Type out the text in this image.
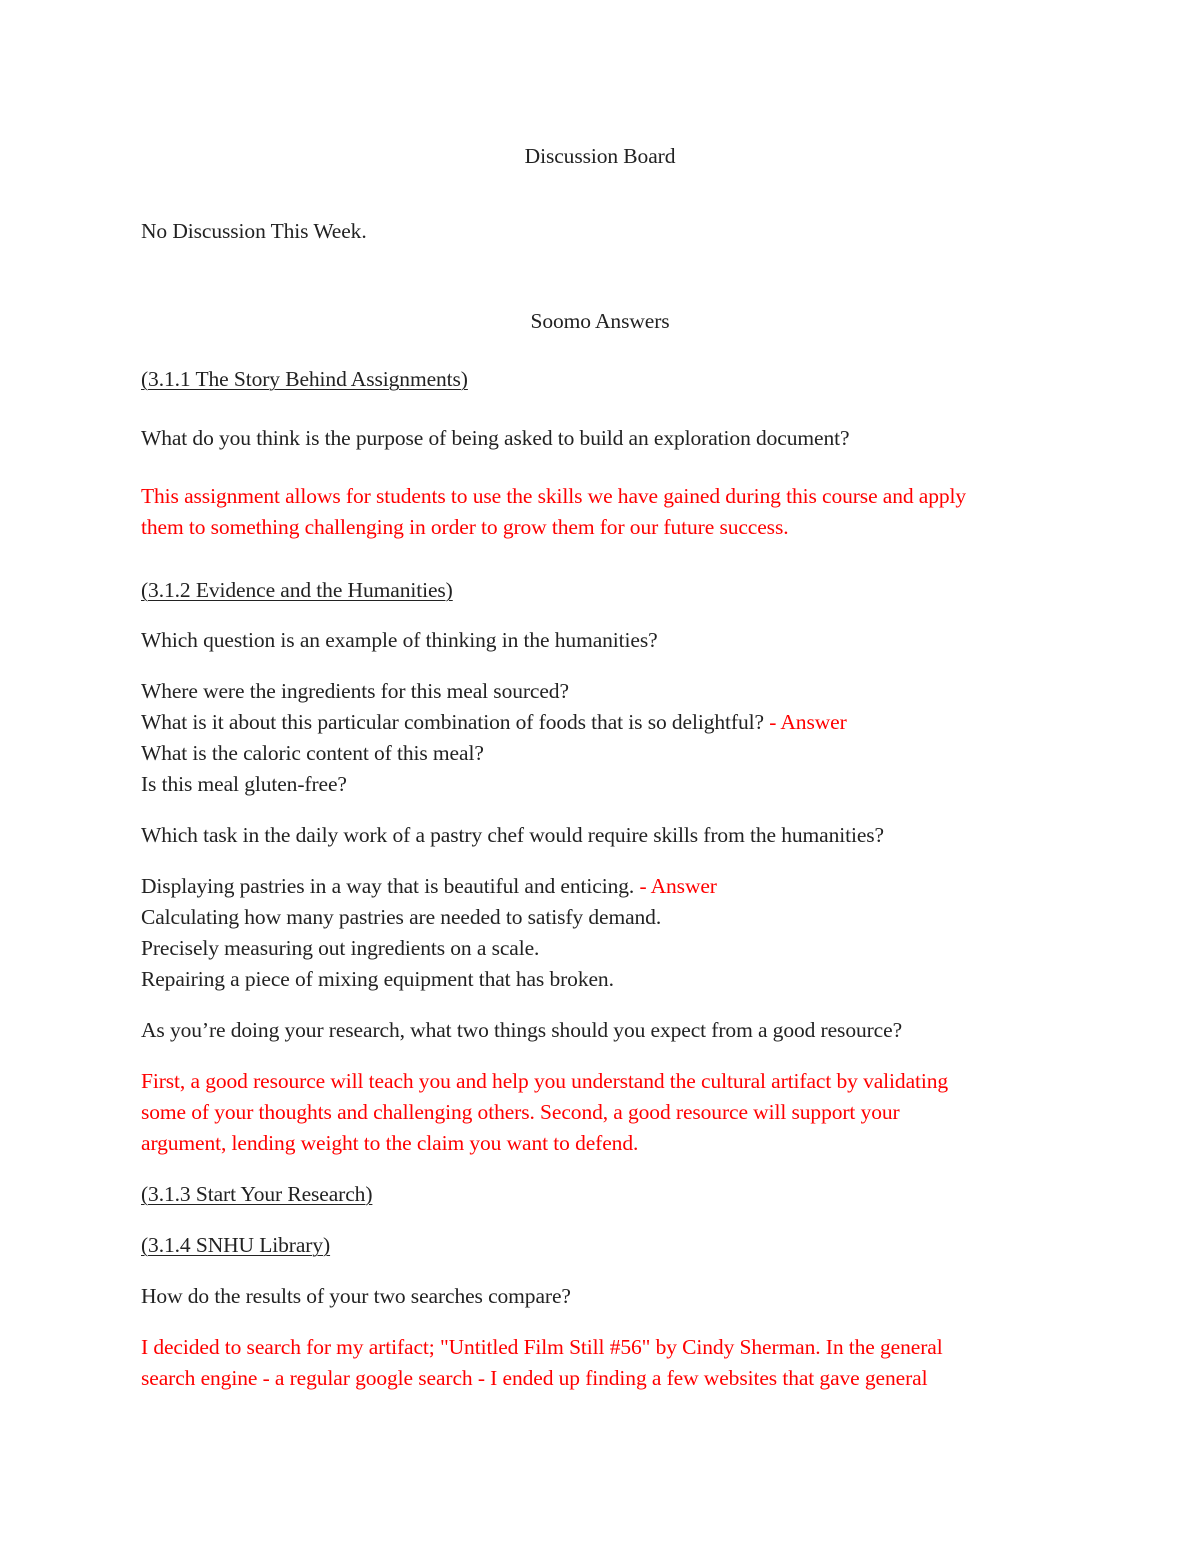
Discussion Board
No Discussion This Week.
Soomo Answers
(3.1.1 The Story Behind Assignments)
What do you think is the purpose of being asked to build an exploration document?
This assignment allows for students to use the skills we have gained during this course and apply
them to something challenging in order to grow them for our future success.
(3.1.2 Evidence and the Humanities)
Which question is an example of thinking in the humanities?
Where were the ingredients for this meal sourced?
What is it about this particular combination of foods that is so delightful? - Answer
What is the caloric content of this meal?
Is this meal gluten-free?
Which task in the daily work of a pastry chef would require skills from the humanities?
Displaying pastries in a way that is beautiful and enticing. - Answer
Calculating how many pastries are needed to satisfy demand.
Precisely measuring out ingredients on a scale.
Repairing a piece of mixing equipment that has broken.
As you’re doing your research, what two things should you expect from a good resource?
First, a good resource will teach you and help you understand the cultural artifact by validating
some of your thoughts and challenging others. Second, a good resource will support your
argument, lending weight to the claim you want to defend.
(3.1.3 Start Your Research)
(3.1.4 SNHU Library)
How do the results of your two searches compare?
I decided to search for my artifact; "Untitled Film Still #56" by Cindy Sherman. In the general
search engine - a regular google search - I ended up finding a few websites that gave general
